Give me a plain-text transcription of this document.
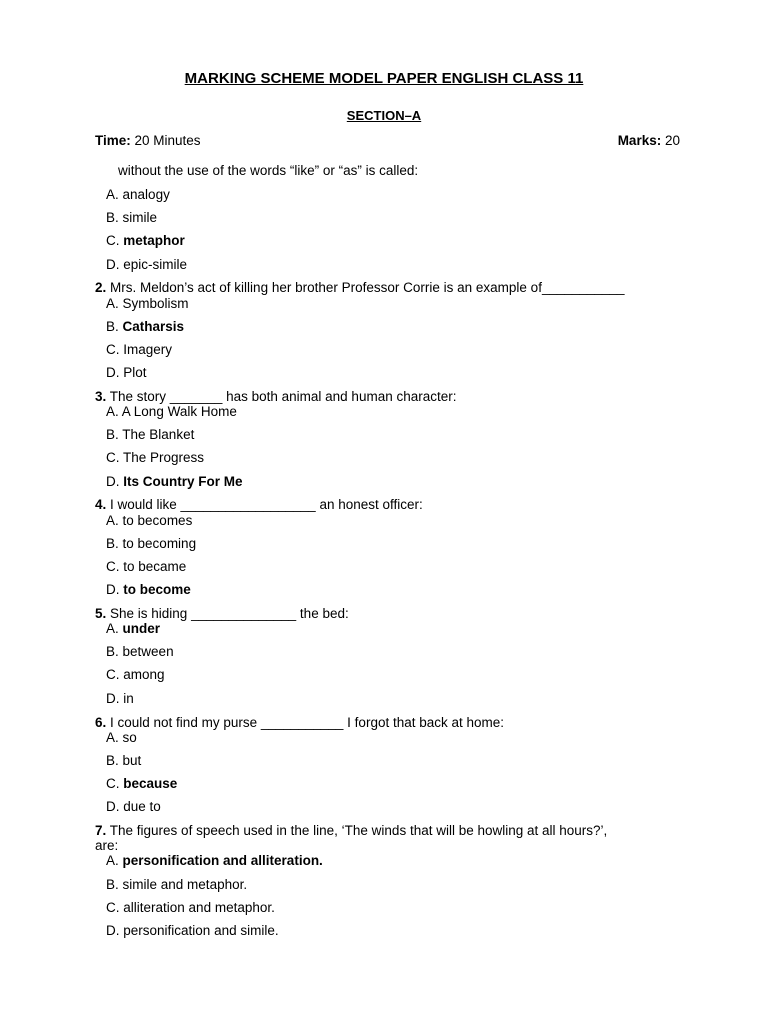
MARKING SCHEME MODEL PAPER ENGLISH CLASS 11
SECTION–A
Time: 20 Minutes	Marks: 20
without the use of the words “like” or “as” is called:
A. analogy
B. simile
C. metaphor
D. epic-simile
2. Mrs. Meldon’s act of killing her brother Professor Corrie is an example of___________
A. Symbolism
B. Catharsis
C. Imagery
D. Plot
3. The story _______ has both animal and human character:
A. A Long Walk Home
B. The Blanket
C. The Progress
D. Its Country For Me
4. I would like __________________ an honest officer:
A. to becomes
B. to becoming
C. to became
D. to become
5. She is hiding ______________ the bed:
A. under
B. between
C. among
D. in
6. I could not find my purse ___________ I forgot that back at home:
A. so
B. but
C. because
D. due to
7. The figures of speech used in the line, ‘The winds that will be howling at all hours?’,
are:
A. personification and alliteration.
B. simile and metaphor.
C. alliteration and metaphor.
D. personification and simile.
